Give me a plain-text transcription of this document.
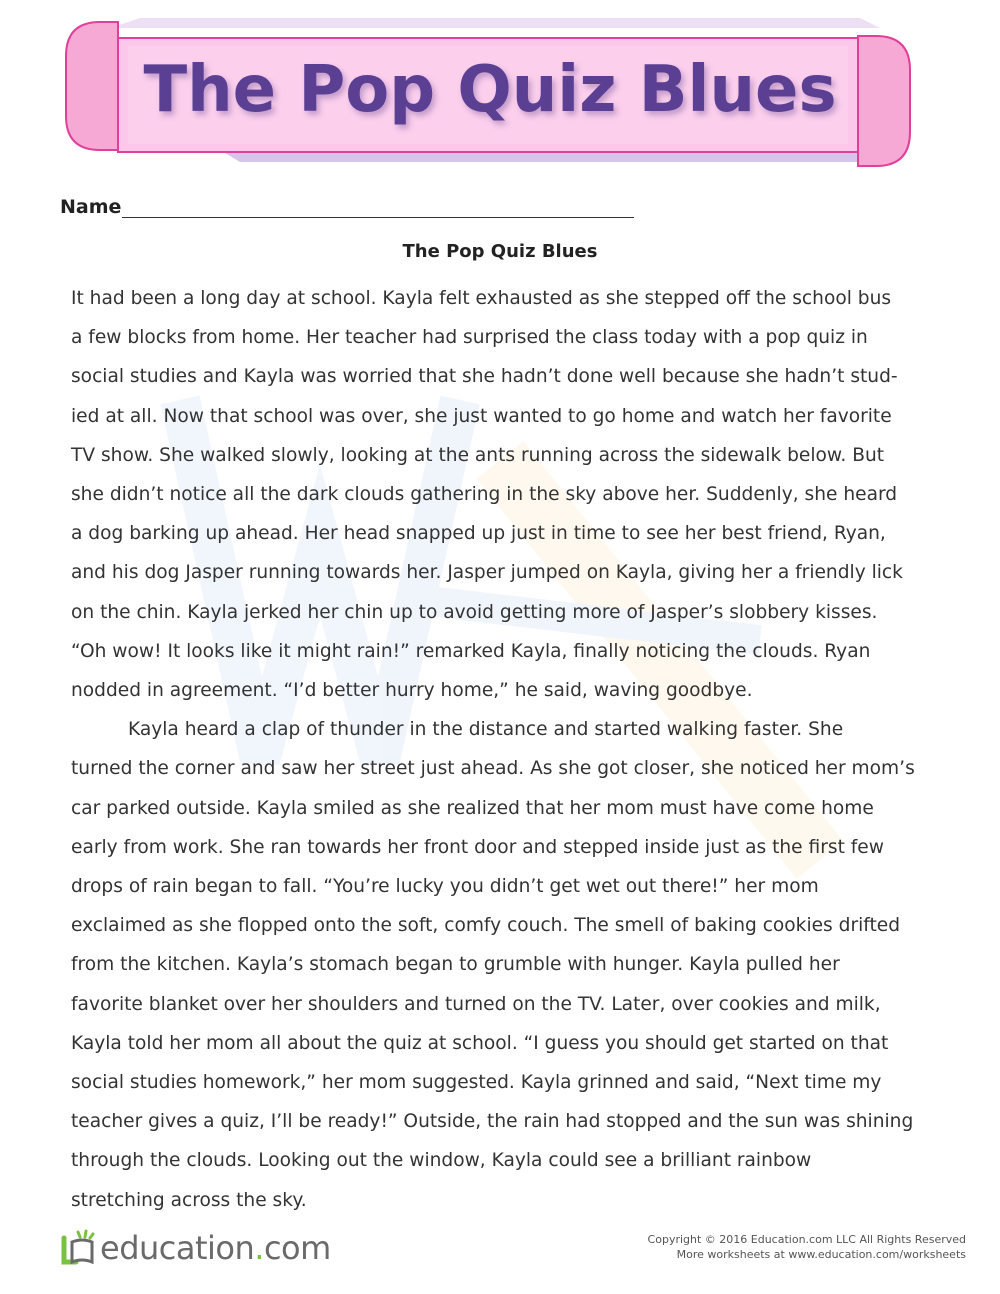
The Pop Quiz Blues
Name
The Pop Quiz Blues

It had been a long day at school. Kayla felt exhausted as she stepped off the school bus
a few blocks from home. Her teacher had surprised the class today with a pop quiz in
social studies and Kayla was worried that she hadn’t done well because she hadn’t stud-
ied at all. Now that school was over, she just wanted to go home and watch her favorite
TV show. She walked slowly, looking at the ants running across the sidewalk below. But
she didn’t notice all the dark clouds gathering in the sky above her. Suddenly, she heard
a dog barking up ahead. Her head snapped up just in time to see her best friend, Ryan,
and his dog Jasper running towards her. Jasper jumped on Kayla, giving her a friendly lick
on the chin. Kayla jerked her chin up to avoid getting more of Jasper’s slobbery kisses.
“Oh wow! It looks like it might rain!” remarked Kayla, finally noticing the clouds. Ryan
nodded in agreement. “I’d better hurry home,” he said, waving goodbye.

Kayla heard a clap of thunder in the distance and started walking faster. She
turned the corner and saw her street just ahead. As she got closer, she noticed her mom’s
car parked outside. Kayla smiled as she realized that her mom must have come home
early from work. She ran towards her front door and stepped inside just as the first few
drops of rain began to fall. “You’re lucky you didn’t get wet out there!” her mom
exclaimed as she flopped onto the soft, comfy couch. The smell of baking cookies drifted
from the kitchen. Kayla’s stomach began to grumble with hunger. Kayla pulled her
favorite blanket over her shoulders and turned on the TV. Later, over cookies and milk,
Kayla told her mom all about the quiz at school. “I guess you should get started on that
social studies homework,” her mom suggested. Kayla grinned and said, “Next time my
teacher gives a quiz, I’ll be ready!” Outside, the rain had stopped and the sun was shining
through the clouds. Looking out the window, Kayla could see a brilliant rainbow
stretching across the sky.

education.com	Copyright © 2016 Education.com LLC All Rights Reserved
More worksheets at www.education.com/worksheets
